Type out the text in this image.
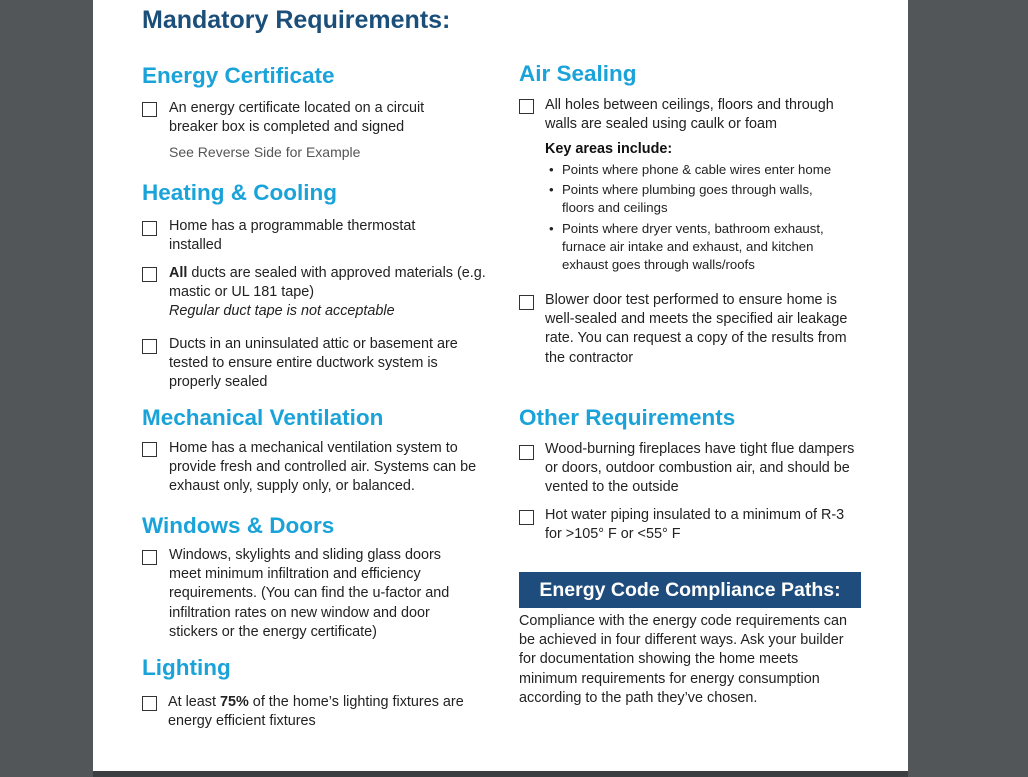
Mandatory Requirements:
Energy Certificate
An energy certificate located on a circuit breaker box is completed and signed
See Reverse Side for Example
Heating & Cooling
Home has a programmable thermostat installed
All ducts are sealed with approved materials (e.g. mastic or UL 181 tape)
Regular duct tape is not acceptable
Ducts in an uninsulated attic or basement are tested to ensure entire ductwork system is properly sealed
Mechanical Ventilation
Home has a mechanical ventilation system to provide fresh and controlled air. Systems can be exhaust only, supply only, or balanced.
Windows & Doors
Windows, skylights and sliding glass doors meet minimum infiltration and efficiency requirements. (You can find the u-factor and infiltration rates on new window and door stickers or the energy certificate)
Lighting
At least 75% of the home’s lighting fixtures are energy efficient fixtures
Air Sealing
All holes between ceilings, floors and through walls are sealed using caulk or foam
Key areas include:
• Points where phone & cable wires enter home
• Points where plumbing goes through walls, floors and ceilings
• Points where dryer vents, bathroom exhaust, furnace air intake and exhaust, and kitchen exhaust goes through walls/roofs
Blower door test performed to ensure home is well-sealed and meets the specified air leakage rate. You can request a copy of the results from the contractor
Other Requirements
Wood-burning fireplaces have tight flue dampers or doors, outdoor combustion air, and should be vented to the outside
Hot water piping insulated to a minimum of R-3 for >105° F or <55° F
Energy Code Compliance Paths:
Compliance with the energy code requirements can be achieved in four different ways. Ask your builder for documentation showing the home meets minimum requirements for energy consumption according to the path they’ve chosen.
